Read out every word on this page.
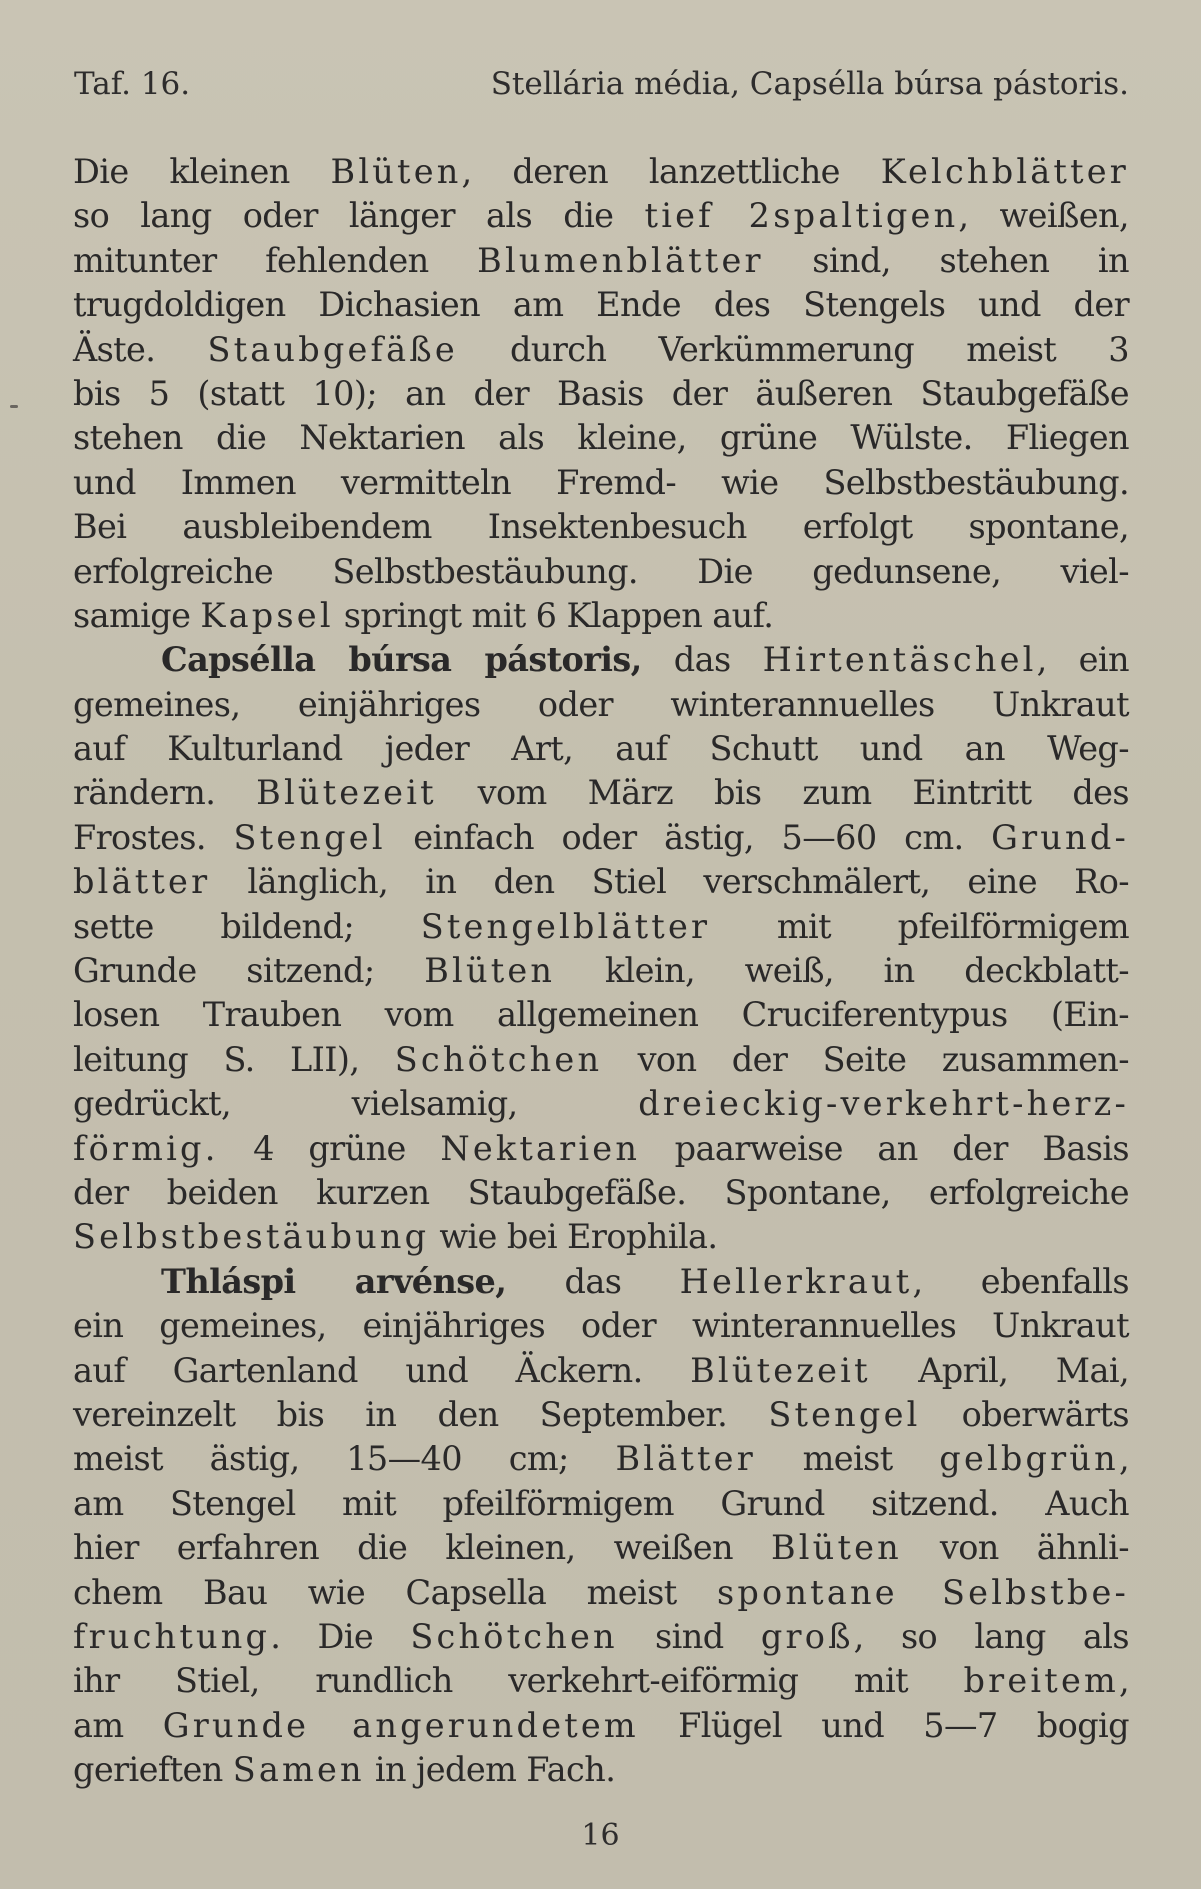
Taf. 16.	Stellária média, Capsélla búrsa pástoris.
Die kleinen Blüten, deren lanzettliche Kelchblätter
so lang oder länger als die tief 2spaltigen, weißen,
mitunter fehlenden Blumenblätter sind, stehen in
trugdoldigen Dichasien am Ende des Stengels und der
Äste. Staubgefäße durch Verkümmerung meist 3
bis 5 (statt 10); an der Basis der äußeren Staubgefäße
stehen die Nektarien als kleine, grüne Wülste. Fliegen
und Immen vermitteln Fremd- wie Selbstbestäubung.
Bei ausbleibendem Insektenbesuch erfolgt spontane,
erfolgreiche Selbstbestäubung. Die gedunsene, viel-
samige Kapsel springt mit 6 Klappen auf.
Capsélla búrsa pástoris, das Hirtentäschel, ein
gemeines, einjähriges oder winterannuelles Unkraut
auf Kulturland jeder Art, auf Schutt und an Weg-
rändern. Blütezeit vom März bis zum Eintritt des
Frostes. Stengel einfach oder ästig, 5—60 cm. Grund-
blätter länglich, in den Stiel verschmälert, eine Ro-
sette bildend; Stengelblätter mit pfeilförmigem
Grunde sitzend; Blüten klein, weiß, in deckblatt-
losen Trauben vom allgemeinen Cruciferentypus (Ein-
leitung S. LII), Schötchen von der Seite zusammen-
gedrückt, vielsamig, dreieckig-verkehrt-herz-
förmig. 4 grüne Nektarien paarweise an der Basis
der beiden kurzen Staubgefäße. Spontane, erfolgreiche
Selbstbestäubung wie bei Erophila.
Thláspi arvénse, das Hellerkraut, ebenfalls
ein gemeines, einjähriges oder winterannuelles Unkraut
auf Gartenland und Äckern. Blütezeit April, Mai,
vereinzelt bis in den September. Stengel oberwärts
meist ästig, 15—40 cm; Blätter meist gelbgrün,
am Stengel mit pfeilförmigem Grund sitzend. Auch
hier erfahren die kleinen, weißen Blüten von ähnli-
chem Bau wie Capsella meist spontane Selbstbe-
fruchtung. Die Schötchen sind groß, so lang als
ihr Stiel, rundlich verkehrt-eiförmig mit breitem,
am Grunde angerundetem Flügel und 5—7 bogig
gerieften Samen in jedem Fach.
16
